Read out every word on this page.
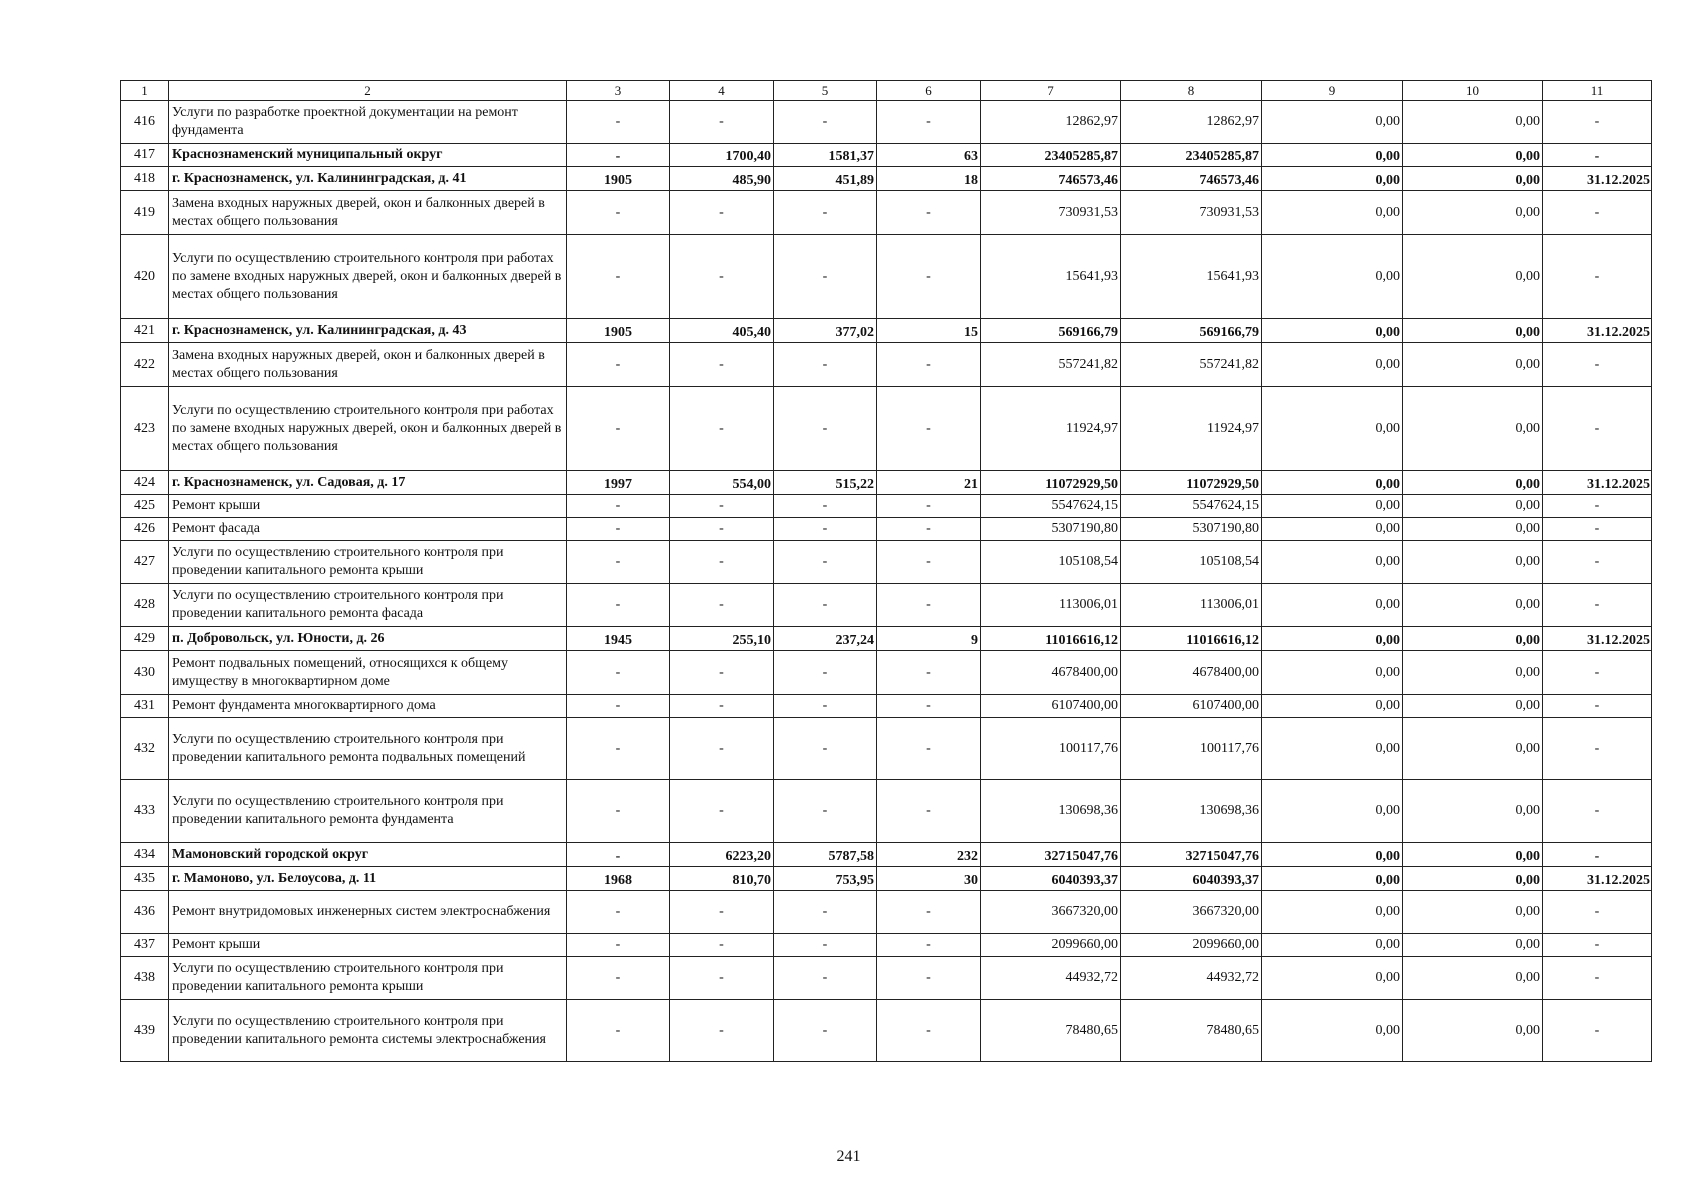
1	2	3	4	5	6	7	8	9	10	11
416	Услуги по разработке проектной документации на ремонт фундамента	-	-	-	-	12862,97	12862,97	0,00	0,00	-
417	Краснознаменский муниципальный округ	-	1700,40	1581,37	63	23405285,87	23405285,87	0,00	0,00	-
418	г. Краснознаменск, ул. Калининградская, д. 41	1905	485,90	451,89	18	746573,46	746573,46	0,00	0,00	31.12.2025
419	Замена входных наружных дверей, окон и балконных дверей в местах общего пользования	-	-	-	-	730931,53	730931,53	0,00	0,00	-
420	Услуги по осуществлению строительного контроля при работах по замене входных наружных дверей, окон и балконных дверей в местах общего пользования	-	-	-	-	15641,93	15641,93	0,00	0,00	-
421	г. Краснознаменск, ул. Калининградская, д. 43	1905	405,40	377,02	15	569166,79	569166,79	0,00	0,00	31.12.2025
422	Замена входных наружных дверей, окон и балконных дверей в местах общего пользования	-	-	-	-	557241,82	557241,82	0,00	0,00	-
423	Услуги по осуществлению строительного контроля при работах по замене входных наружных дверей, окон и балконных дверей в местах общего пользования	-	-	-	-	11924,97	11924,97	0,00	0,00	-
424	г. Краснознаменск, ул. Садовая, д. 17	1997	554,00	515,22	21	11072929,50	11072929,50	0,00	0,00	31.12.2025
425	Ремонт крыши	-	-	-	-	5547624,15	5547624,15	0,00	0,00	-
426	Ремонт фасада	-	-	-	-	5307190,80	5307190,80	0,00	0,00	-
427	Услуги по осуществлению строительного контроля при проведении капитального ремонта крыши	-	-	-	-	105108,54	105108,54	0,00	0,00	-
428	Услуги по осуществлению строительного контроля при проведении капитального ремонта фасада	-	-	-	-	113006,01	113006,01	0,00	0,00	-
429	п. Добровольск, ул. Юности, д. 26	1945	255,10	237,24	9	11016616,12	11016616,12	0,00	0,00	31.12.2025
430	Ремонт подвальных помещений, относящихся к общему имуществу в многоквартирном доме	-	-	-	-	4678400,00	4678400,00	0,00	0,00	-
431	Ремонт фундамента многоквартирного дома	-	-	-	-	6107400,00	6107400,00	0,00	0,00	-
432	Услуги по осуществлению строительного контроля при проведении капитального ремонта подвальных помещений	-	-	-	-	100117,76	100117,76	0,00	0,00	-
433	Услуги по осуществлению строительного контроля при проведении капитального ремонта фундамента	-	-	-	-	130698,36	130698,36	0,00	0,00	-
434	Мамоновский городской округ	-	6223,20	5787,58	232	32715047,76	32715047,76	0,00	0,00	-
435	г. Мамоново, ул. Белоусова, д. 11	1968	810,70	753,95	30	6040393,37	6040393,37	0,00	0,00	31.12.2025
436	Ремонт внутридомовых инженерных систем электроснабжения	-	-	-	-	3667320,00	3667320,00	0,00	0,00	-
437	Ремонт крыши	-	-	-	-	2099660,00	2099660,00	0,00	0,00	-
438	Услуги по осуществлению строительного контроля при проведении капитального ремонта крыши	-	-	-	-	44932,72	44932,72	0,00	0,00	-
439	Услуги по осуществлению строительного контроля при проведении капитального ремонта системы электроснабжения	-	-	-	-	78480,65	78480,65	0,00	0,00	-
241
